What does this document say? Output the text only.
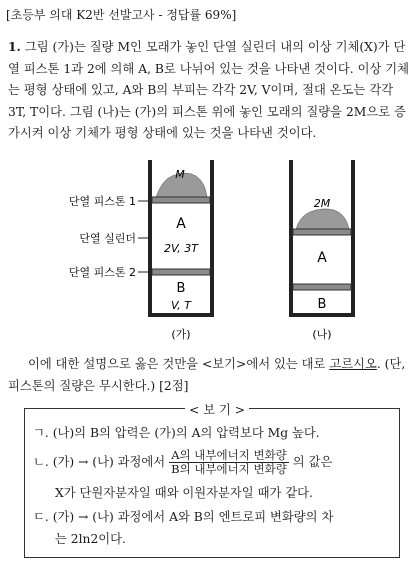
[초등부 의대 K2반 선발고사 - 정답률 69%]
1. 그림 (가)는 질량 M인 모래가 놓인 단열 실린더 내의 이상 기체(X)가 단열 피스톤 1과 2에 의해 A, B로 나뉘어 있는 것을 나타낸 것이다. 이상 기체는 평형 상태에 있고, A와 B의 부피는 각각 2V, V이며, 절대 온도는 각각 3T, T이다. 그림 (나)는 (가)의 피스톤 위에 놓인 모래의 질량을 2M으로 증가시켜 이상 기체가 평형 상태에 있는 것을 나타낸 것이다.
M
A
2V, 3T
B
V, T
(가)
단열 피스톤 1
단열 실린더
단열 피스톤 2
2M
A
B
(나)
이에 대한 설명으로 옳은 것만을 <보기>에서 있는 대로 고르시오. (단, 피스톤의 질량은 무시한다.) [2점]
< 보 기 >
ㄱ. (나)의 B의 압력은 (가)의 A의 압력보다 Mg 높다.
ㄴ. (가) → (나) 과정에서 $\frac{\text{A의 내부에너지 변화량}}{\text{B의 내부에너지 변화량}}$ 의 값은
X가 단원자분자일 때와 이원자분자일 때가 같다.
ㄷ. (가) → (나) 과정에서 A와 B의 엔트로피 변화량의 차
는 2ln2이다.
